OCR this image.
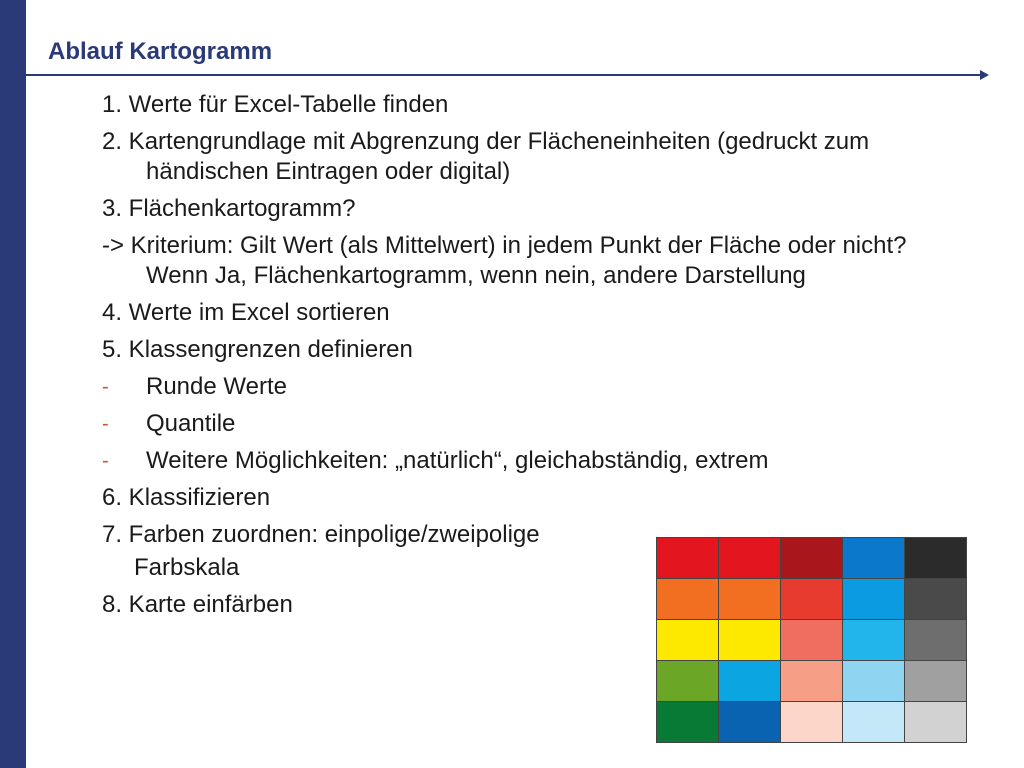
Ablauf Kartogramm

1. Werte für Excel-Tabelle finden

2. Kartengrundlage mit Abgrenzung der Flächeneinheiten (gedruckt zum händischen Eintragen oder digital)

3. Flächenkartogramm?

-> Kriterium: Gilt Wert (als Mittelwert) in jedem Punkt der Fläche oder nicht? Wenn Ja, Flächenkartogramm, wenn nein, andere Darstellung

4. Werte im Excel sortieren

5. Klassengrenzen definieren

- Runde Werte

- Quantile

- Weitere Möglichkeiten: „natürlich“, gleichabständig, extrem

6. Klassifizieren

7. Farben zuordnen: einpolige/zweipolige

Farbskala

8. Karte einfärben
